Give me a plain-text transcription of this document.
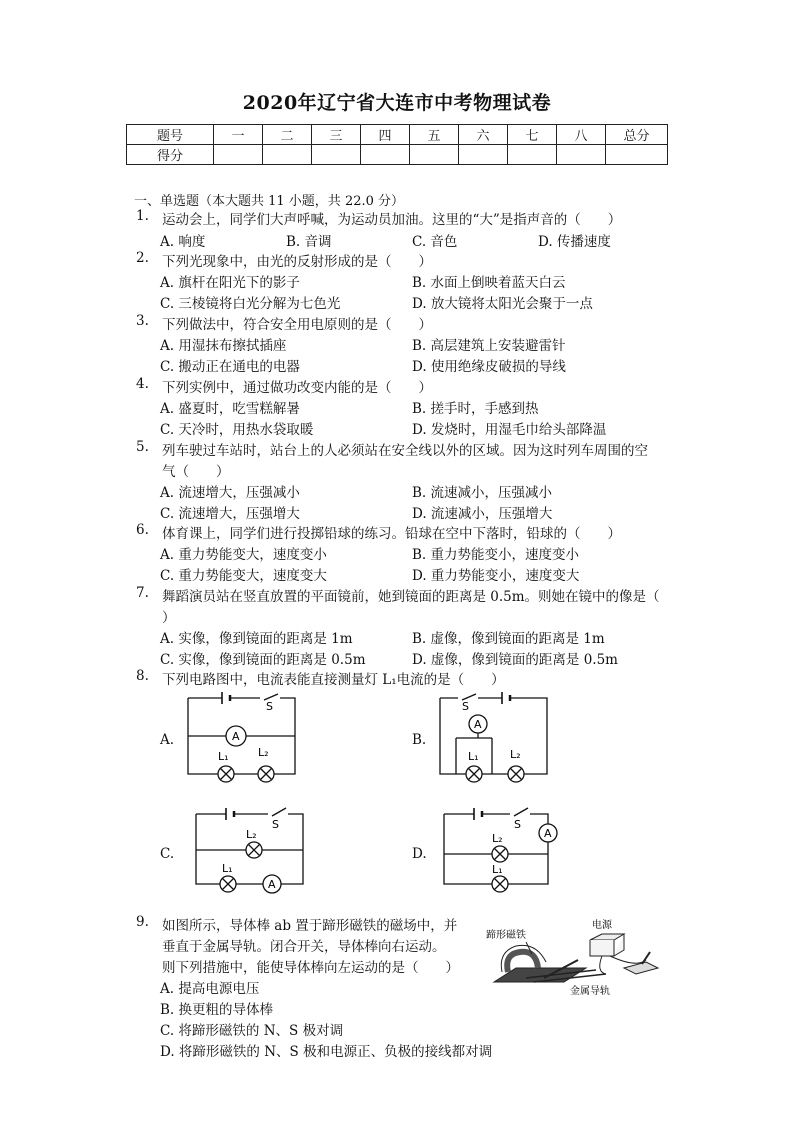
2020年辽宁省大连市中考物理试卷
题号	一	二	三	四	五	六	七	八	总分
得分									
一、单选题（本大题共 11 小题，共 22.0 分）
1. 运动会上，同学们大声呼喊，为运动员加油。这里的“大”是指声音的（　　）
A. 响度	B. 音调	C. 音色	D. 传播速度
2. 下列光现象中，由光的反射形成的是（　　）
A. 旗杆在阳光下的影子	B. 水面上倒映着蓝天白云
C. 三棱镜将白光分解为七色光	D. 放大镜将太阳光会聚于一点
3. 下列做法中，符合安全用电原则的是（　　）
A. 用湿抹布擦拭插座	B. 高层建筑上安装避雷针
C. 搬动正在通电的电器	D. 使用绝缘皮破损的导线
4. 下列实例中，通过做功改变内能的是（　　）
A. 盛夏时，吃雪糕解暑	B. 搓手时，手感到热
C. 天冷时，用热水袋取暖	D. 发烧时，用湿毛巾给头部降温
5. 列车驶过车站时，站台上的人必须站在安全线以外的区域。因为这时列车周围的空
气（　　）
A. 流速增大，压强减小	B. 流速减小，压强减小
C. 流速增大，压强增大	D. 流速减小，压强增大
6. 体育课上，同学们进行投掷铅球的练习。铅球在空中下落时，铅球的（　　）
A. 重力势能变大，速度变小	B. 重力势能变小，速度变小
C. 重力势能变大，速度变大	D. 重力势能变小，速度变大
7. 舞蹈演员站在竖直放置的平面镜前，她到镜面的距离是 0.5m。则她在镜中的像是（
）
A. 实像，像到镜面的距离是 1m	B. 虚像，像到镜面的距离是 1m
C. 实像，像到镜面的距离是 0.5m	D. 虚像，像到镜面的距离是 0.5m
8. 下列电路图中，电流表能直接测量灯 L₁电流的是（　　）
A.	B.
C.	D.
S
A
L₁	L₂
S
A
L₁	L₂
S
L₂
L₁
A
S
A
L₂
L₁
9. 如图所示，导体棒 ab 置于蹄形磁铁的磁场中，并
垂直于金属导轨。闭合开关，导体棒向右运动。
则下列措施中，能使导体棒向左运动的是（　　）
A. 提高电源电压
B. 换更粗的导体棒
C. 将蹄形磁铁的 N、S 极对调
D. 将蹄形磁铁的 N、S 极和电源正、负极的接线都对调
蹄形磁铁
电源
金属导轨
